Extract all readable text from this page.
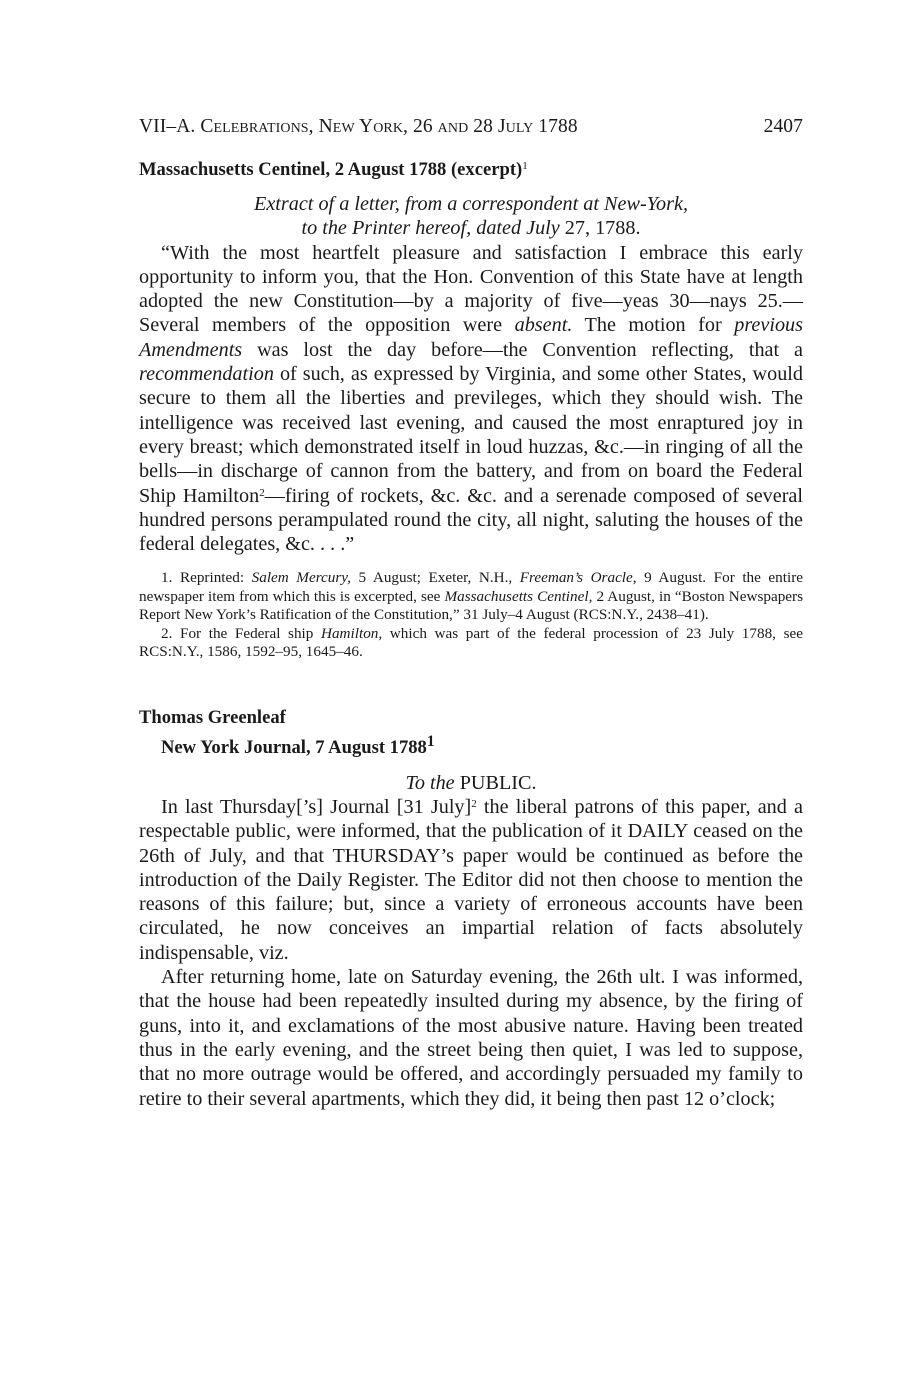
VII–A. Celebrations, New York, 26 and 28 July 1788	2407
Massachusetts Centinel, 2 August 1788 (excerpt)$^1$
Extract of a letter, from a correspondent at New-York,
to the Printer hereof, dated July 27, 1788.

“With the most heartfelt pleasure and satisfaction I embrace this early opportunity to inform you, that the Hon. Convention of this State have at length adopted the new Constitution—by a majority of five—yeas 30—nays 25.—Several members of the opposition were absent. The motion for previous Amendments was lost the day before—the Convention reflecting, that a recommendation of such, as expressed by Virginia, and some other States, would secure to them all the liberties and previleges, which they should wish. The intelligence was received last evening, and caused the most enraptured joy in every breast; which demonstrated itself in loud huzzas, &c.—in ringing of all the bells—in discharge of cannon from the battery, and from on board the Federal Ship Hamilton$^2$—firing of rockets, &c. &c. and a serenade composed of several hundred persons perampulated round the city, all night, saluting the houses of the federal delegates, &c. . . .”

1. Reprinted: Salem Mercury, 5 August; Exeter, N.H., Freeman’s Oracle, 9 August. For the entire newspaper item from which this is excerpted, see Massachusetts Centinel, 2 August, in “Boston Newspapers Report New York’s Ratification of the Constitution,” 31 July–4 August (RCS:N.Y., 2438–41).

2. For the Federal ship Hamilton, which was part of the federal procession of 23 July 1788, see RCS:N.Y., 1586, 1592–95, 1645–46.

Thomas Greenleaf
New York Journal, 7 August 1788$^1$
To the PUBLIC.

In last Thursday[’s] Journal [31 July]$^2$ the liberal patrons of this paper, and a respectable public, were informed, that the publication of it DAILY ceased on the 26th of July, and that THURSDAY’s paper would be continued as before the introduction of the Daily Register. The Editor did not then choose to mention the reasons of this failure; but, since a variety of erroneous accounts have been circulated, he now conceives an impartial relation of facts absolutely indispensable, viz.

After returning home, late on Saturday evening, the 26th ult. I was informed, that the house had been repeatedly insulted during my absence, by the firing of guns, into it, and exclamations of the most abusive nature. Having been treated thus in the early evening, and the street being then quiet, I was led to suppose, that no more outrage would be offered, and accordingly persuaded my family to retire to their several apartments, which they did, it being then past 12 o’clock;
